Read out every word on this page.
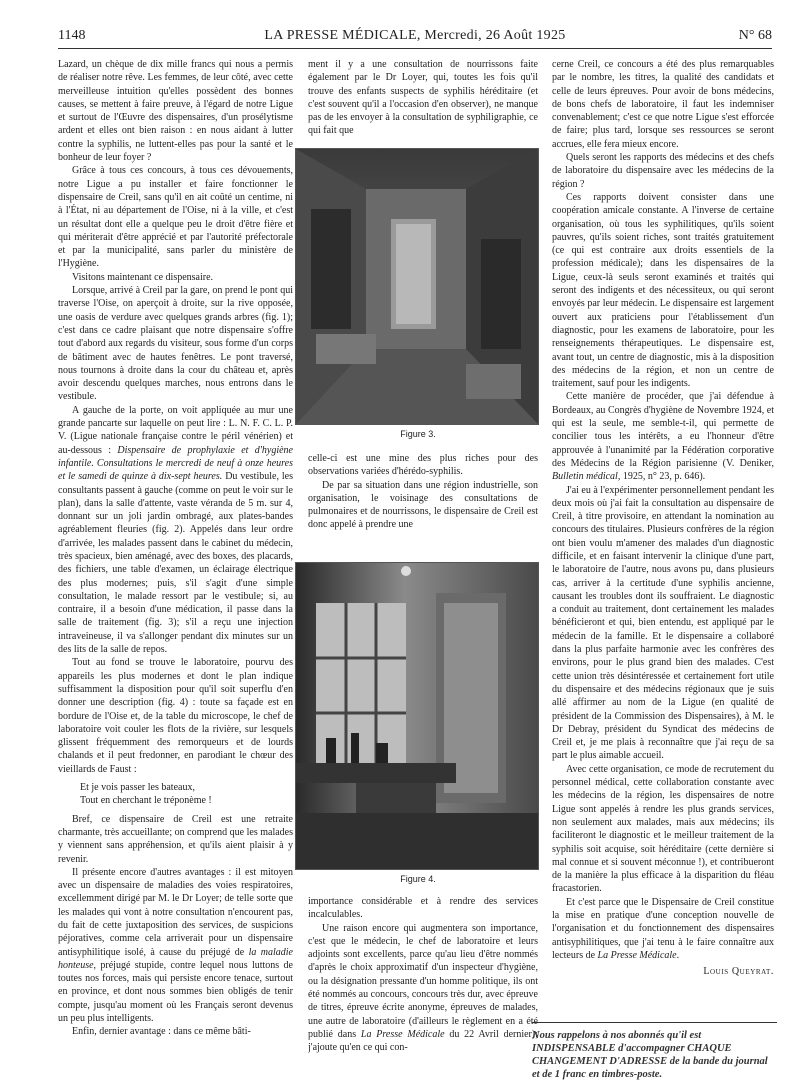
1148	LA PRESSE MÉDICALE, Mercredi, 26 Août 1925	N° 68

Lazard, un chèque de dix mille francs qui nous a permis de réaliser notre rêve. Les femmes, de leur côté, avec cette merveilleuse intuition qu'elles possèdent des bonnes causes, se mettent à faire preuve, à l'égard de notre Ligue et surtout de l'Œuvre des dispensaires, d'un prosélytisme ardent et elles ont bien raison : en nous aidant à lutter contre la syphilis, ne luttent-elles pas pour la santé et le bonheur de leur foyer ?

Grâce à tous ces concours, à tous ces dévouements, notre Ligue a pu installer et faire fonctionner le dispensaire de Creil, sans qu'il en ait coûté un centime, ni à l'État, ni au département de l'Oise, ni à la ville, et c'est un résultat dont elle a quelque peu le droit d'être fière et qui mériterait d'être apprécié et par l'autorité préfectorale et par la municipalité, sans parler du ministère de l'Hygiène.

Visitons maintenant ce dispensaire.

Lorsque, arrivé à Creil par la gare, on prend le pont qui traverse l'Oise, on aperçoit à droite, sur la rive opposée, une oasis de verdure avec quelques grands arbres (fig. 1); c'est dans ce cadre plaisant que notre dispensaire s'offre tout d'abord aux regards du visiteur, sous forme d'un corps de bâtiment avec de hautes fenêtres. Le pont traversé, nous tournons à droite dans la cour du château et, après avoir descendu quelques marches, nous entrons dans le vestibule.

A gauche de la porte, on voit appliquée au mur une grande pancarte sur laquelle on peut lire : L. N. F. C. L. P. V. (Ligue nationale française contre le péril vénérien) et au-dessous : Dispensaire de prophylaxie et d'hygiène infantile. Consultations le mercredi de neuf à onze heures et le samedi de quinze à dix-sept heures. Du vestibule, les consultants passent à gauche (comme on peut le voir sur le plan), dans la salle d'attente, vaste véranda de 5 m. sur 4, donnant sur un joli jardin ombragé, aux plates-bandes agréablement fleuries (fig. 2). Appelés dans leur ordre d'arrivée, les malades passent dans le cabinet du médecin, très spacieux, bien aménagé, avec des boxes, des placards, des fichiers, une table d'examen, un éclairage électrique des plus modernes; puis, s'il s'agit d'une simple consultation, le malade ressort par le vestibule; si, au contraire, il a besoin d'une médication, il passe dans la salle de traitement (fig. 3); s'il a reçu une injection intraveineuse, il va s'allonger pendant dix minutes sur un des lits de la salle de repos.

Tout au fond se trouve le laboratoire, pourvu des appareils les plus modernes et dont le plan indique suffisamment la disposition pour qu'il soit superflu d'en donner une description (fig. 4) : toute sa façade est en bordure de l'Oise et, de la table du microscope, le chef de laboratoire voit couler les flots de la rivière, sur lesquels glissent fréquemment des remorqueurs et de lourds chalands et il peut fredonner, en parodiant le chœur des vieillards de Faust :

Et je vois passer les bateaux,
Tout en cherchant le tréponème !

Bref, ce dispensaire de Creil est une retraite charmante, très accueillante; on comprend que les malades y viennent sans appréhension, et qu'ils aient plaisir à y revenir.

Il présente encore d'autres avantages : il est mitoyen avec un dispensaire de maladies des voies respiratoires, excellemment dirigé par M. le Dr Loyer; de telle sorte que les malades qui vont à notre consultation n'encourent pas, du fait de cette juxtaposition des services, de suspicions péjoratives, comme cela arriverait pour un dispensaire antisyphilitique isolé, à cause du préjugé de la maladie honteuse, préjugé stupide, contre lequel nous luttons de toutes nos forces, mais qui persiste encore tenace, surtout en province, et dont nous sommes bien obligés de tenir compte, jusqu'au moment où les Français seront devenus un peu plus intelligents.

Enfin, dernier avantage : dans ce même bâti-

ment il y a une consultation de nourrissons faite également par le Dr Loyer, qui, toutes les fois qu'il trouve des enfants suspects de syphilis héréditaire (et c'est souvent qu'il a l'occasion d'en observer), ne manque pas de les envoyer à la consultation de syphiligraphie, ce qui fait que

Figure 3.

celle-ci est une mine des plus riches pour des observations variées d'hérédo-syphilis.

De par sa situation dans une région industrielle, son organisation, le voisinage des consultations de pulmonaires et de nourrissons, le dispensaire de Creil est donc appelé à prendre une

Figure 4.

importance considérable et à rendre des services incalculables.

Une raison encore qui augmentera son importance, c'est que le médecin, le chef de laboratoire et leurs adjoints sont excellents, parce qu'au lieu d'être nommés d'après le choix approximatif d'un inspecteur d'hygiène, ou la désignation pressante d'un homme politique, ils ont été nommés au concours, concours très dur, avec épreuve de titres, épreuve écrite anonyme, épreuves de malades, une autre de laboratoire (d'ailleurs le règlement en a été publié dans La Presse Médicale du 22 Avril dernier); j'ajoute qu'en ce qui con-

cerne Creil, ce concours a été des plus remarquables par le nombre, les titres, la qualité des candidats et celle de leurs épreuves. Pour avoir de bons médecins, de bons chefs de laboratoire, il faut les indemniser convenablement; c'est ce que notre Ligue s'est efforcée de faire; plus tard, lorsque ses ressources se seront accrues, elle fera mieux encore.

Quels seront les rapports des médecins et des chefs de laboratoire du dispensaire avec les médecins de la région ?

Ces rapports doivent consister dans une coopération amicale constante. A l'inverse de certaine organisation, où tous les syphilitiques, qu'ils soient pauvres, qu'ils soient riches, sont traités gratuitement (ce qui est contraire aux droits essentiels de la profession médicale); dans les dispensaires de la Ligue, ceux-là seuls seront examinés et traités qui seront des indigents et des nécessiteux, ou qui seront envoyés par leur médecin. Le dispensaire est largement ouvert aux praticiens pour l'établissement d'un diagnostic, pour les examens de laboratoire, pour les renseignements thérapeutiques. Le dispensaire est, avant tout, un centre de diagnostic, mis à la disposition des médecins de la région, et non un centre de traitement, sauf pour les indigents.

Cette manière de procéder, que j'ai défendue à Bordeaux, au Congrès d'hygiène de Novembre 1924, et qui est la seule, me semble-t-il, qui permette de concilier tous les intérêts, a eu l'honneur d'être approuvée à l'unanimité par la Fédération corporative des Médecins de la Région parisienne (V. Deniker, Bulletin médical, 1925, n° 23, p. 646).

J'ai eu à l'expérimenter personnellement pendant les deux mois où j'ai fait la consultation au dispensaire de Creil, à titre provisoire, en attendant la nomination au concours des titulaires. Plusieurs confrères de la région ont bien voulu m'amener des malades d'un diagnostic difficile, et en faisant intervenir la clinique d'une part, le laboratoire de l'autre, nous avons pu, dans plusieurs cas, arriver à la certitude d'une syphilis ancienne, causant les troubles dont ils souffraient. Le diagnostic a conduit au traitement, dont certainement les malades bénéficieront et qui, bien entendu, est appliqué par le médecin de la famille. Et le dispensaire a collaboré dans la plus parfaite harmonie avec les confrères des environs, pour le plus grand bien des malades. C'est cette union très désintéressée et certainement fort utile du dispensaire et des médecins régionaux que je suis allé affirmer au nom de la Ligue (en qualité de président de la Commission des Dispensaires), à M. le Dr Debray, président du Syndicat des médecins de Creil et, je me plais à reconnaître que j'ai reçu de sa part le plus aimable accueil.

Avec cette organisation, ce mode de recrutement du personnel médical, cette collaboration constante avec les médecins de la région, les dispensaires de notre Ligue sont appelés à rendre les plus grands services, non seulement aux malades, mais aux médecins; ils faciliteront le diagnostic et le meilleur traitement de la syphilis soit acquise, soit héréditaire (cette dernière si mal connue et si souvent méconnue !), et contribueront de la manière la plus efficace à la disparition du fléau fracastorien.

Et c'est parce que le Dispensaire de Creil constitue la mise en pratique d'une conception nouvelle de l'organisation et du fonctionnement des dispensaires antisyphilitiques, que j'ai tenu à le faire connaître aux lecteurs de La Presse Médicale.

Louis Queyrat.
Nous rappelons à nos abonnés qu'il est INDISPENSABLE d'accompagner CHAQUE CHANGEMENT D'ADRESSE de la bande du journal et de 1 franc en timbres-poste.
